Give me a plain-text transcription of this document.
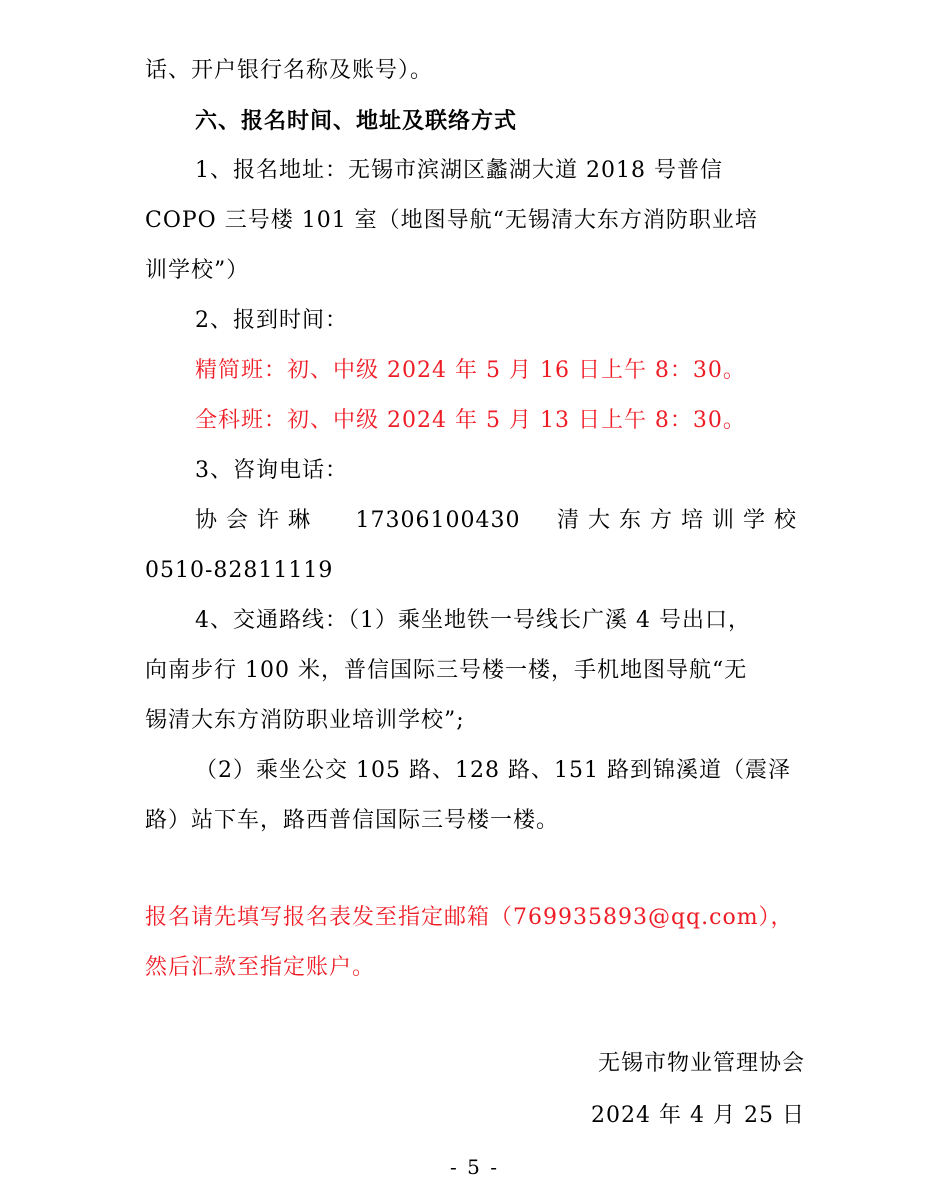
话、开户银行名称及账号）。
六、报名时间、地址及联络方式
1、报名地址：无锡市滨湖区蠡湖大道 2018 号普信
COPO 三号楼 101 室（地图导航“无锡清大东方消防职业培
训学校”）
2、报到时间：
精简班：初、中级 2024 年 5 月 16 日上午 8：30。
全科班：初、中级 2024 年 5 月 13 日上午 8：30。
3、咨询电话：
协会许琳 17306100430 清大东方培训学校
0510-82811119
4、交通路线：（1）乘坐地铁一号线长广溪 4 号出口，
向南步行 100 米，普信国际三号楼一楼，手机地图导航“无
锡清大东方消防职业培训学校”;
（2）乘坐公交 105 路、128 路、151 路到锦溪道（震泽
路）站下车，路西普信国际三号楼一楼。
报名请先填写报名表发至指定邮箱（769935893@qq.com），
然后汇款至指定账户。
无锡市物业管理协会
2024 年 4 月 25 日
- 5 -
